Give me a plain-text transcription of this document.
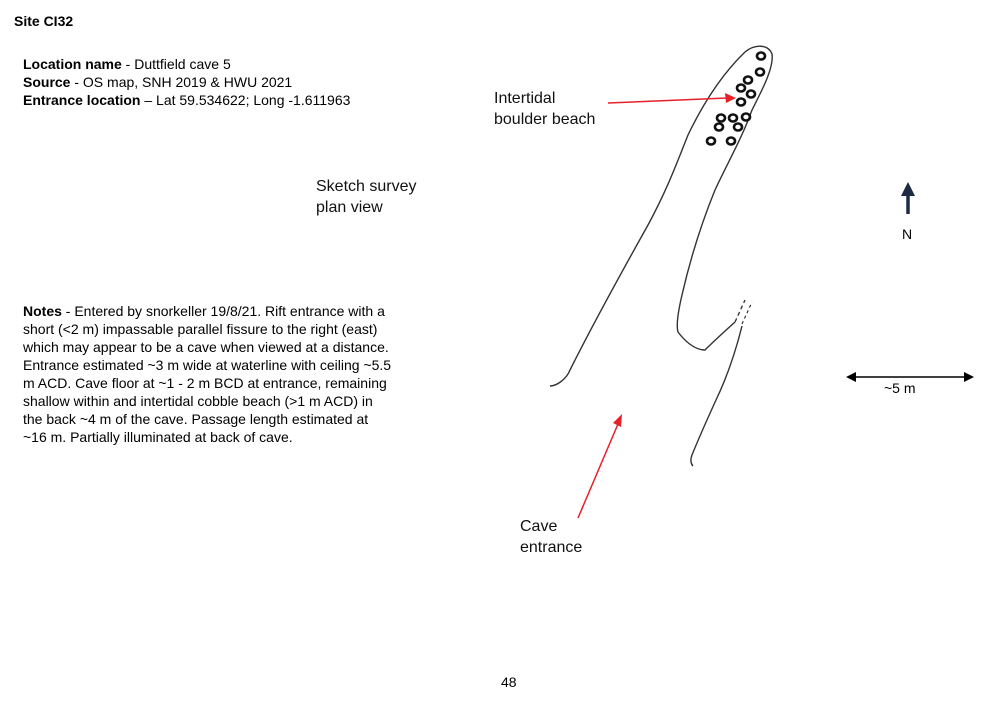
Site CI32
Location name - Duttfield cave 5
Source - OS map, SNH 2019 & HWU 2021
Entrance location – Lat 59.534622; Long -1.611963
Notes - Entered by snorkeller 19/8/21. Rift entrance with a short (<2 m) impassable parallel fissure to the right (east) which may appear to be a cave when viewed at a distance. Entrance estimated ~3 m wide at waterline with ceiling ~5.5 m ACD. Cave floor at ~1 - 2 m BCD at entrance, remaining shallow within and intertidal cobble beach (>1 m ACD) in the back ~4 m of the cave. Passage length estimated at ~16 m. Partially illuminated at back of cave.
Sketch survey
plan view
Intertidal
boulder beach
Cave
entrance
N
~5 m
48
